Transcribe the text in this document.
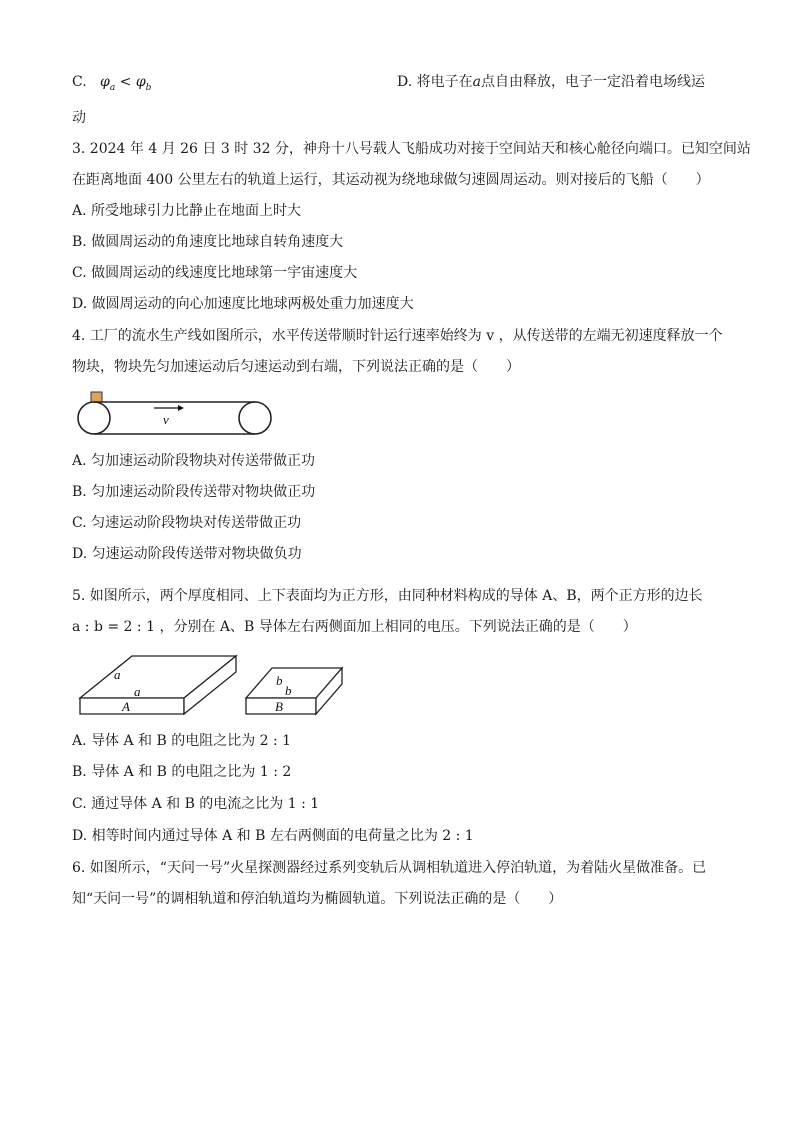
C. $\varphi_a < \varphi_b$	D. 将电子在a点自由释放，电子一定沿着电场线运
动
3. 2024 年 4 月 26 日 3 时 32 分，神舟十八号载人飞船成功对接于空间站天和核心舱径向端口。已知空间站
在距离地面 400 公里左右的轨道上运行，其运动视为绕地球做匀速圆周运动。则对接后的飞船（　　）
A. 所受地球引力比静止在地面上时大
B. 做圆周运动的角速度比地球自转角速度大
C. 做圆周运动的线速度比地球第一宇宙速度大
D. 做圆周运动的向心加速度比地球两极处重力加速度大
4. 工厂的流水生产线如图所示，水平传送带顺时针运行速率始终为 v ，从传送带的左端无初速度释放一个
物块，物块先匀加速运动后匀速运动到右端，下列说法正确的是（　　）
v
A. 匀加速运动阶段物块对传送带做正功
B. 匀加速运动阶段传送带对物块做正功
C. 匀速运动阶段物块对传送带做正功
D. 匀速运动阶段传送带对物块做负功
5. 如图所示，两个厚度相同、上下表面均为正方形，由同种材料构成的导体 A、B，两个正方形的边长
a : b = 2 : 1 ，分别在 A、B 导体左右两侧面加上相同的电压。下列说法正确的是（　　）
a
a
A
b
b
B
A. 导体 A 和 B 的电阻之比为 2 : 1
B. 导体 A 和 B 的电阻之比为 1 : 2
C. 通过导体 A 和 B 的电流之比为 1 : 1
D. 相等时间内通过导体 A 和 B 左右两侧面的电荷量之比为 2 : 1
6. 如图所示，“天问一号”火星探测器经过系列变轨后从调相轨道进入停泊轨道，为着陆火星做准备。已
知“天问一号”的调相轨道和停泊轨道均为椭圆轨道。下列说法正确的是（　　）
